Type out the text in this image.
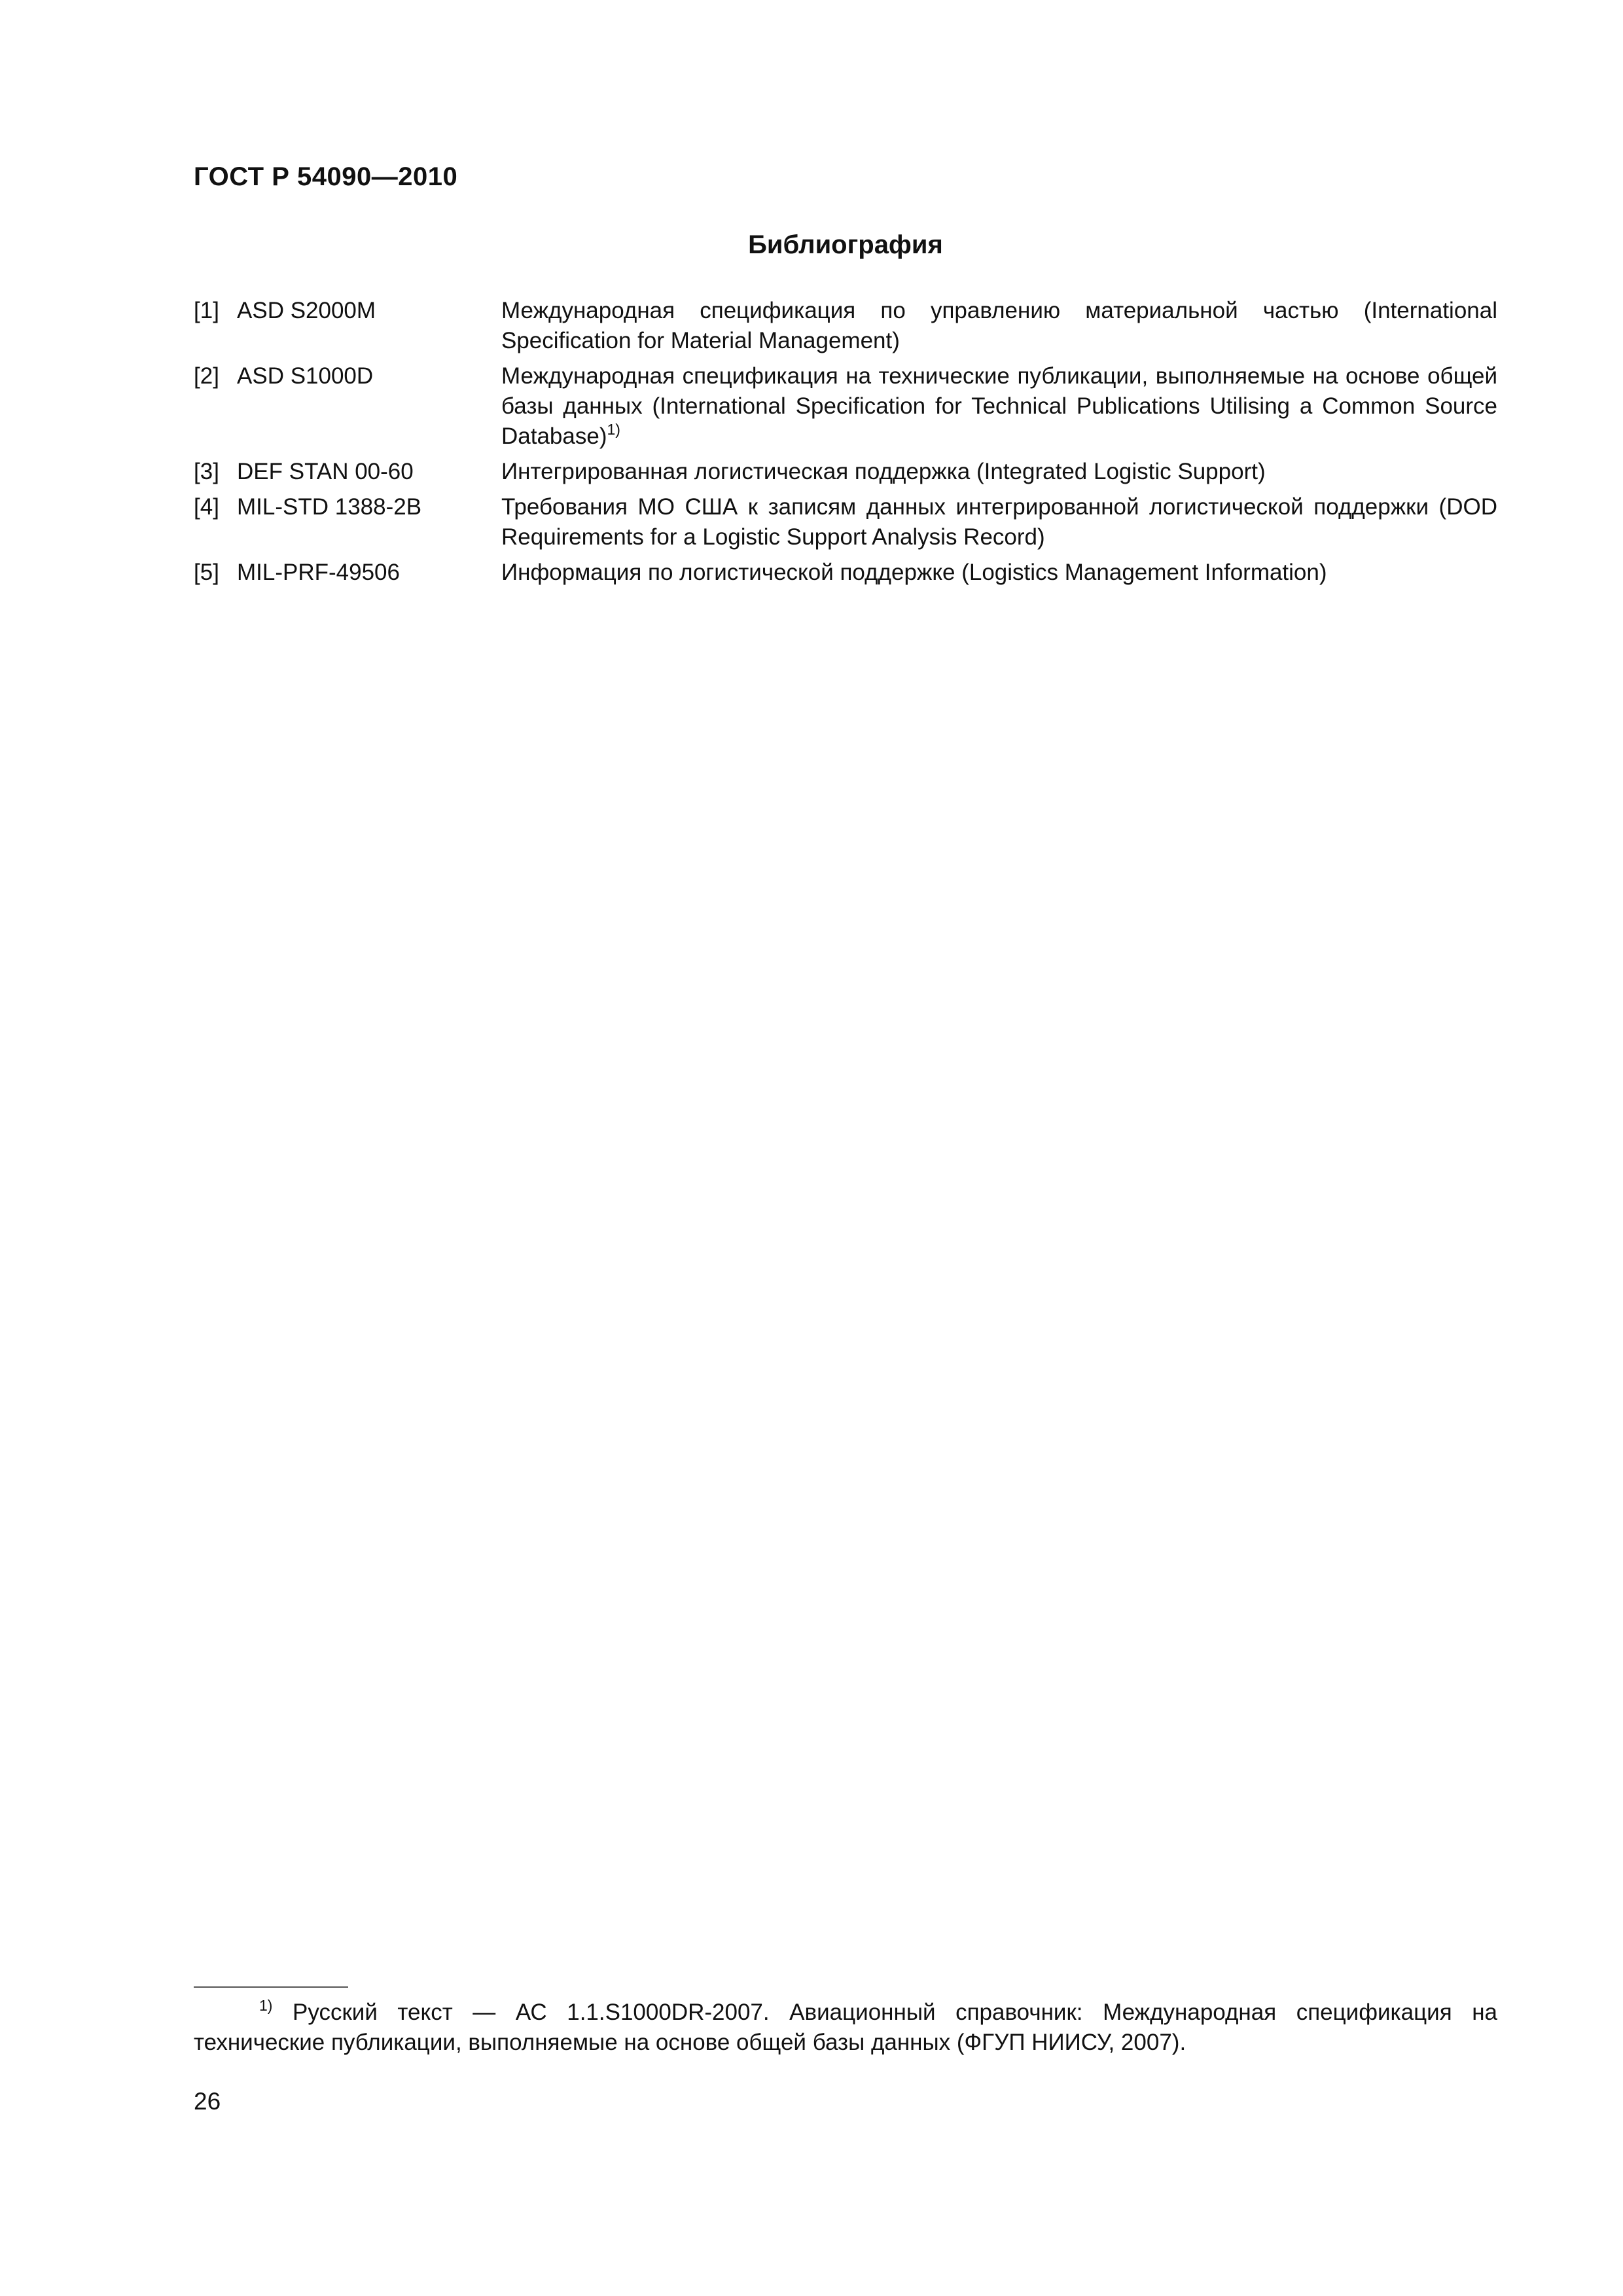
ГОСТ Р 54090—2010
Библиография
[1] ASD S2000M	Международная спецификация по управлению материальной частью (International Specification for Material Management)
[2] ASD S1000D	Международная спецификация на технические публикации, выполняемые на основе общей базы данных (International Specification for Technical Publications Utilising a Common Source Database)$^{1)}$
[3] DEF STAN 00-60	Интегрированная логистическая поддержка (Integrated Logistic Support)
[4] MIL-STD 1388-2B	Требования МО США к записям данных интегрированной логистической поддержки (DOD Requirements for a Logistic Support Analysis Record)
[5] MIL-PRF-49506	Информация по логистической поддержке (Logistics Management Information)

$^{1)}$ Русский текст — АС 1.1.S1000DR-2007. Авиационный справочник: Международная спецификация на технические публикации, выполняемые на основе общей базы данных (ФГУП НИИСУ, 2007).

26
